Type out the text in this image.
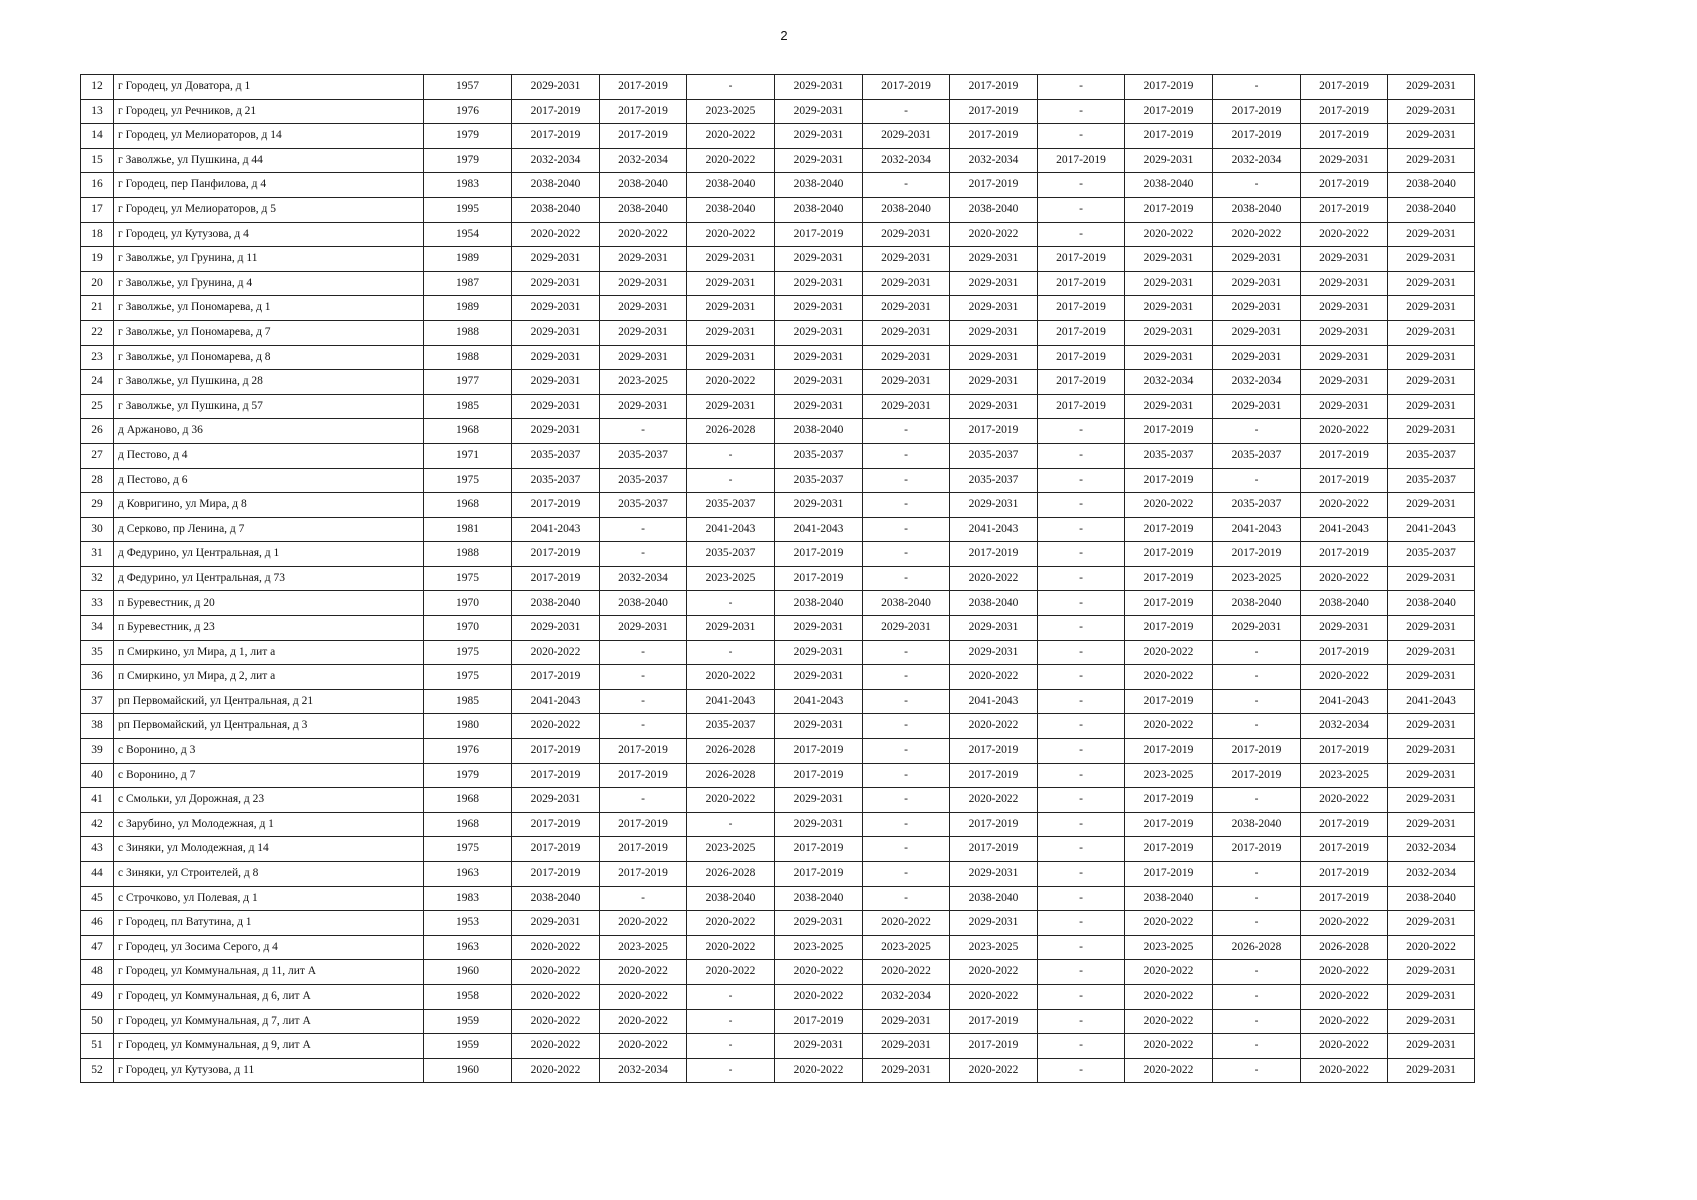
2
12	г Городец, ул Доватора, д 1	1957	2029-2031	2017-2019	-	2029-2031	2017-2019	2017-2019	-	2017-2019	-	2017-2019	2029-2031
13	г Городец, ул Речников, д 21	1976	2017-2019	2017-2019	2023-2025	2029-2031	-	2017-2019	-	2017-2019	2017-2019	2017-2019	2029-2031
14	г Городец, ул Мелиораторов, д 14	1979	2017-2019	2017-2019	2020-2022	2029-2031	2029-2031	2017-2019	-	2017-2019	2017-2019	2017-2019	2029-2031
15	г Заволжье, ул Пушкина, д 44	1979	2032-2034	2032-2034	2020-2022	2029-2031	2032-2034	2032-2034	2017-2019	2029-2031	2032-2034	2029-2031	2029-2031
16	г Городец, пер Панфилова, д 4	1983	2038-2040	2038-2040	2038-2040	2038-2040	-	2017-2019	-	2038-2040	-	2017-2019	2038-2040
17	г Городец, ул Мелиораторов, д 5	1995	2038-2040	2038-2040	2038-2040	2038-2040	2038-2040	2038-2040	-	2017-2019	2038-2040	2017-2019	2038-2040
18	г Городец, ул Кутузова, д 4	1954	2020-2022	2020-2022	2020-2022	2017-2019	2029-2031	2020-2022	-	2020-2022	2020-2022	2020-2022	2029-2031
19	г Заволжье, ул Грунина, д 11	1989	2029-2031	2029-2031	2029-2031	2029-2031	2029-2031	2029-2031	2017-2019	2029-2031	2029-2031	2029-2031	2029-2031
20	г Заволжье, ул Грунина, д 4	1987	2029-2031	2029-2031	2029-2031	2029-2031	2029-2031	2029-2031	2017-2019	2029-2031	2029-2031	2029-2031	2029-2031
21	г Заволжье, ул Пономарева, д 1	1989	2029-2031	2029-2031	2029-2031	2029-2031	2029-2031	2029-2031	2017-2019	2029-2031	2029-2031	2029-2031	2029-2031
22	г Заволжье, ул Пономарева, д 7	1988	2029-2031	2029-2031	2029-2031	2029-2031	2029-2031	2029-2031	2017-2019	2029-2031	2029-2031	2029-2031	2029-2031
23	г Заволжье, ул Пономарева, д 8	1988	2029-2031	2029-2031	2029-2031	2029-2031	2029-2031	2029-2031	2017-2019	2029-2031	2029-2031	2029-2031	2029-2031
24	г Заволжье, ул Пушкина, д 28	1977	2029-2031	2023-2025	2020-2022	2029-2031	2029-2031	2029-2031	2017-2019	2032-2034	2032-2034	2029-2031	2029-2031
25	г Заволжье, ул Пушкина, д 57	1985	2029-2031	2029-2031	2029-2031	2029-2031	2029-2031	2029-2031	2017-2019	2029-2031	2029-2031	2029-2031	2029-2031
26	д Аржаново, д 36	1968	2029-2031	-	2026-2028	2038-2040	-	2017-2019	-	2017-2019	-	2020-2022	2029-2031
27	д Пестово, д 4	1971	2035-2037	2035-2037	-	2035-2037	-	2035-2037	-	2035-2037	2035-2037	2017-2019	2035-2037
28	д Пестово, д 6	1975	2035-2037	2035-2037	-	2035-2037	-	2035-2037	-	2017-2019	-	2017-2019	2035-2037
29	д Ковригино, ул Мира, д 8	1968	2017-2019	2035-2037	2035-2037	2029-2031	-	2029-2031	-	2020-2022	2035-2037	2020-2022	2029-2031
30	д Серково, пр Ленина, д 7	1981	2041-2043	-	2041-2043	2041-2043	-	2041-2043	-	2017-2019	2041-2043	2041-2043	2041-2043
31	д Федурино, ул Центральная, д 1	1988	2017-2019	-	2035-2037	2017-2019	-	2017-2019	-	2017-2019	2017-2019	2017-2019	2035-2037
32	д Федурино, ул Центральная, д 73	1975	2017-2019	2032-2034	2023-2025	2017-2019	-	2020-2022	-	2017-2019	2023-2025	2020-2022	2029-2031
33	п Буревестник, д 20	1970	2038-2040	2038-2040	-	2038-2040	2038-2040	2038-2040	-	2017-2019	2038-2040	2038-2040	2038-2040
34	п Буревестник, д 23	1970	2029-2031	2029-2031	2029-2031	2029-2031	2029-2031	2029-2031	-	2017-2019	2029-2031	2029-2031	2029-2031
35	п Смиркино, ул Мира, д 1, лит а	1975	2020-2022	-	-	2029-2031	-	2029-2031	-	2020-2022	-	2017-2019	2029-2031
36	п Смиркино, ул Мира, д 2, лит а	1975	2017-2019	-	2020-2022	2029-2031	-	2020-2022	-	2020-2022	-	2020-2022	2029-2031
37	рп Первомайский, ул Центральная, д 21	1985	2041-2043	-	2041-2043	2041-2043	-	2041-2043	-	2017-2019	-	2041-2043	2041-2043
38	рп Первомайский, ул Центральная, д 3	1980	2020-2022	-	2035-2037	2029-2031	-	2020-2022	-	2020-2022	-	2032-2034	2029-2031
39	с Воронино, д 3	1976	2017-2019	2017-2019	2026-2028	2017-2019	-	2017-2019	-	2017-2019	2017-2019	2017-2019	2029-2031
40	с Воронино, д 7	1979	2017-2019	2017-2019	2026-2028	2017-2019	-	2017-2019	-	2023-2025	2017-2019	2023-2025	2029-2031
41	с Смольки, ул Дорожная, д 23	1968	2029-2031	-	2020-2022	2029-2031	-	2020-2022	-	2017-2019	-	2020-2022	2029-2031
42	с Зарубино, ул Молодежная, д 1	1968	2017-2019	2017-2019	-	2029-2031	-	2017-2019	-	2017-2019	2038-2040	2017-2019	2029-2031
43	с Зиняки, ул Молодежная, д 14	1975	2017-2019	2017-2019	2023-2025	2017-2019	-	2017-2019	-	2017-2019	2017-2019	2017-2019	2032-2034
44	с Зиняки, ул Строителей, д 8	1963	2017-2019	2017-2019	2026-2028	2017-2019	-	2029-2031	-	2017-2019	-	2017-2019	2032-2034
45	с Строчково, ул Полевая, д 1	1983	2038-2040	-	2038-2040	2038-2040	-	2038-2040	-	2038-2040	-	2017-2019	2038-2040
46	г Городец, пл Ватутина, д 1	1953	2029-2031	2020-2022	2020-2022	2029-2031	2020-2022	2029-2031	-	2020-2022	-	2020-2022	2029-2031
47	г Городец, ул Зосима Серого, д 4	1963	2020-2022	2023-2025	2020-2022	2023-2025	2023-2025	2023-2025	-	2023-2025	2026-2028	2026-2028	2020-2022
48	г Городец, ул Коммунальная, д 11, лит А	1960	2020-2022	2020-2022	2020-2022	2020-2022	2020-2022	2020-2022	-	2020-2022	-	2020-2022	2029-2031
49	г Городец, ул Коммунальная, д 6, лит А	1958	2020-2022	2020-2022	-	2020-2022	2032-2034	2020-2022	-	2020-2022	-	2020-2022	2029-2031
50	г Городец, ул Коммунальная, д 7, лит А	1959	2020-2022	2020-2022	-	2017-2019	2029-2031	2017-2019	-	2020-2022	-	2020-2022	2029-2031
51	г Городец, ул Коммунальная, д 9, лит А	1959	2020-2022	2020-2022	-	2029-2031	2029-2031	2017-2019	-	2020-2022	-	2020-2022	2029-2031
52	г Городец, ул Кутузова, д 11	1960	2020-2022	2032-2034	-	2020-2022	2029-2031	2020-2022	-	2020-2022	-	2020-2022	2029-2031
